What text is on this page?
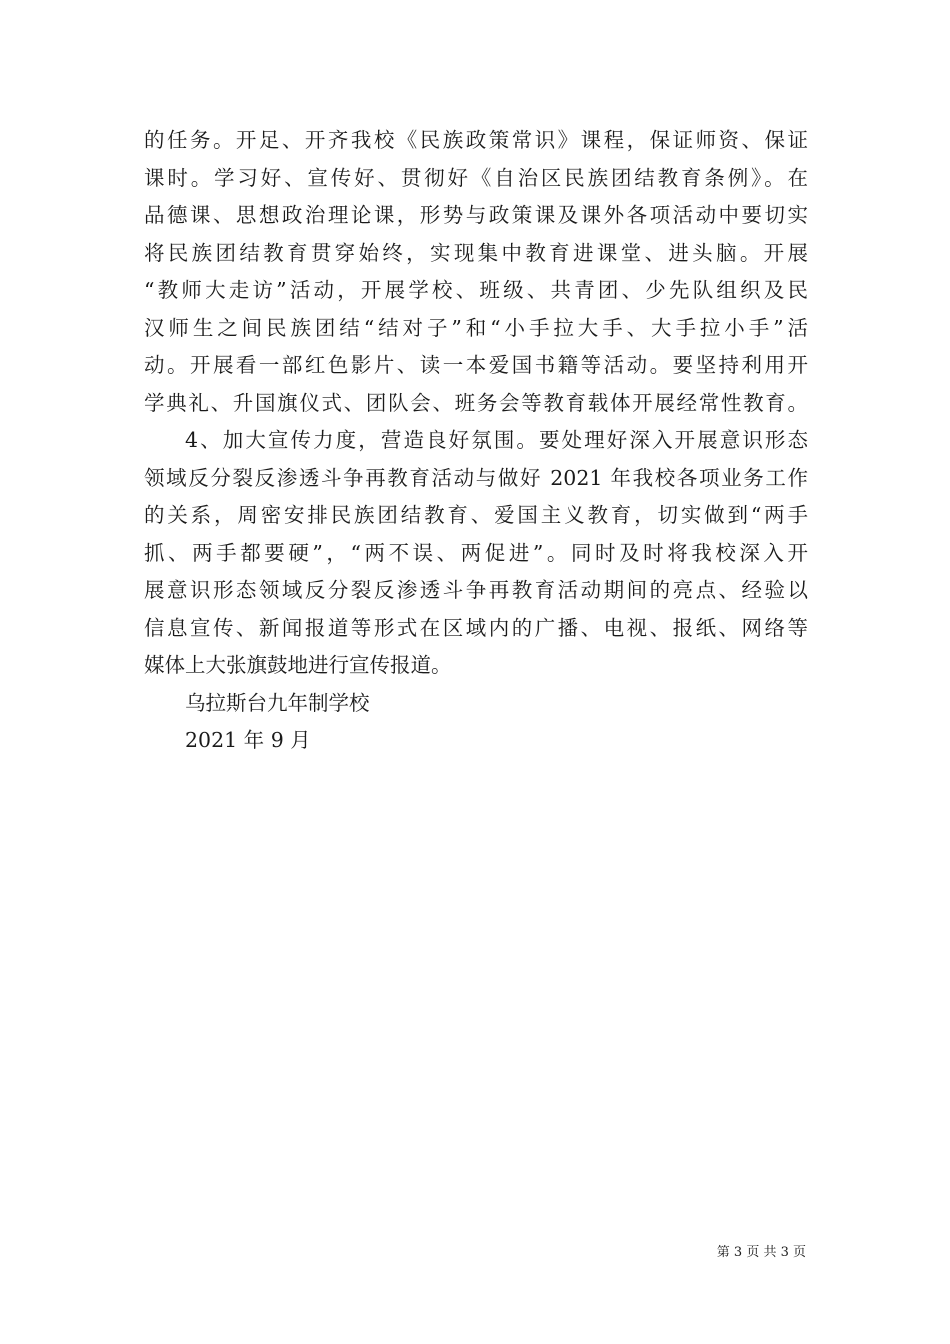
的任务。开足、开齐我校《民族政策常识》课程，保证师资、保证
课时。学习好、宣传好、贯彻好《自治区民族团结教育条例》。在
品德课、思想政治理论课，形势与政策课及课外各项活动中要切实
将民族团结教育贯穿始终，实现集中教育进课堂、进头脑。开展
“教师大走访”活动，开展学校、班级、共青团、少先队组织及民
汉师生之间民族团结“结对子”和“小手拉大手、大手拉小手”活
动。开展看一部红色影片、读一本爱国书籍等活动。要坚持利用开
学典礼、升国旗仪式、团队会、班务会等教育载体开展经常性教育。
4、加大宣传力度，营造良好氛围。要处理好深入开展意识形态
领域反分裂反渗透斗争再教育活动与做好 2021 年我校各项业务工作
的关系，周密安排民族团结教育、爱国主义教育，切实做到“两手
抓、两手都要硬”，“两不误、两促进”。同时及时将我校深入开
展意识形态领域反分裂反渗透斗争再教育活动期间的亮点、经验以
信息宣传、新闻报道等形式在区域内的广播、电视、报纸、网络等
媒体上大张旗鼓地进行宣传报道。
乌拉斯台九年制学校
2021 年 9 月
第 3 页 共 3 页
